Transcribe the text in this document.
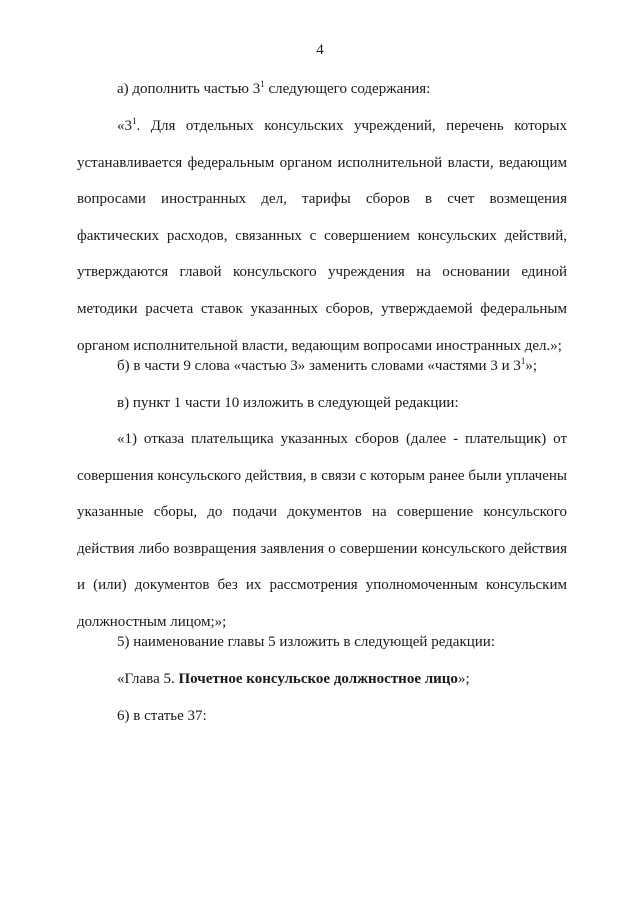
4

а) дополнить частью $3^1$ следующего содержания:

«$3^1$. Для отдельных консульских учреждений, перечень которых устанавливается федеральным органом исполнительной власти, ведающим вопросами иностранных дел, тарифы сборов в счет возмещения фактических расходов, связанных с совершением консульских действий, утверждаются главой консульского учреждения на основании единой методики расчета ставок указанных сборов, утверждаемой федеральным органом исполнительной власти, ведающим вопросами иностранных дел.»;

б) в части 9 слова «частью 3» заменить словами «частями 3 и $3^1$»;

в) пункт 1 части 10 изложить в следующей редакции:

«1) отказа плательщика указанных сборов (далее - плательщик) от совершения консульского действия, в связи с которым ранее были уплачены указанные сборы, до подачи документов на совершение консульского действия либо возвращения заявления о совершении консульского действия и (или) документов без их рассмотрения уполномоченным консульским должностным лицом;»;

5) наименование главы 5 изложить в следующей редакции:

«Глава 5. Почетное консульское должностное лицо»;

6) в статье 37:
